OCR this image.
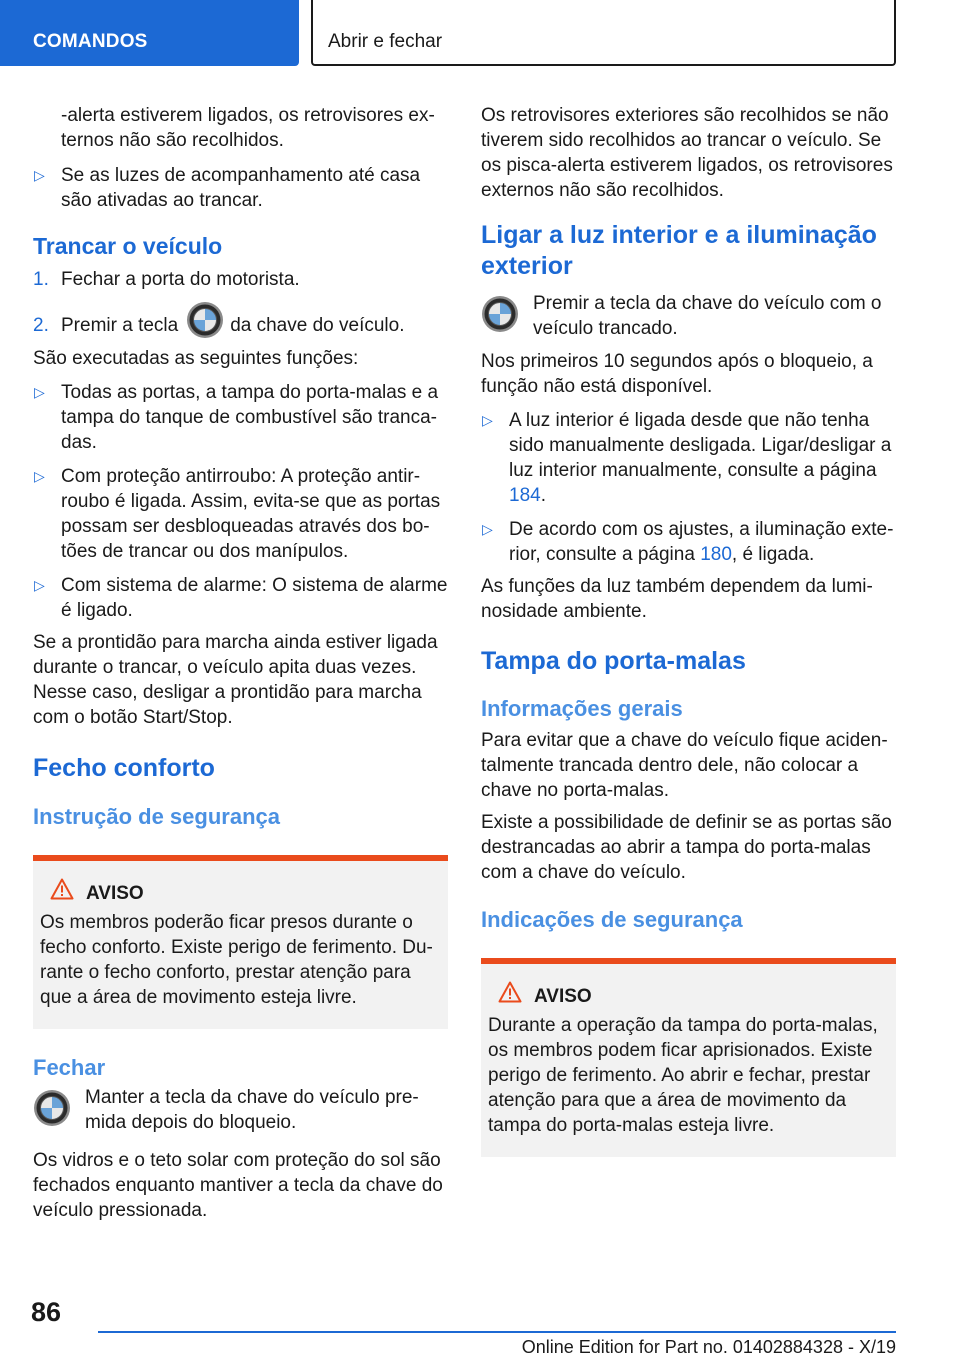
COMANDOS	Abrir e fechar

-alerta estiverem ligados, os retrovisores ex‐ternos não são recolhidos.

▷ Se as luzes de acompanhamento até casa são ativadas ao trancar.
Trancar o veículo
1. Fechar a porta do motorista.
2. Premir a tecla	da chave do veículo.

São executadas as seguintes funções:

▷ Todas as portas, a tampa do porta-malas e a tampa do tanque de combustível são tranca‐das.
▷ Com proteção antirroubo: A proteção antir‐roubo é ligada. Assim, evita-se que as portas possam ser desbloqueadas através dos bo‐tões de trancar ou dos manípulos.
▷ Com sistema de alarme: O sistema de alarme é ligado.

Se a prontidão para marcha ainda estiver ligada durante o trancar, o veículo apita duas vezes. Nesse caso, desligar a prontidão para marcha com o botão Start/Stop.

Fecho conforto
Instrução de segurança
AVISO

Os membros poderão ficar presos durante o fecho conforto. Existe perigo de ferimento. Du‐rante o fecho conforto, prestar atenção para que a área de movimento esteja livre.

Fechar

Manter a tecla da chave do veículo pre‐mida depois do bloqueio.

Os vidros e o teto solar com proteção do sol são fechados enquanto mantiver a tecla da chave do veículo pressionada.

Os retrovisores exteriores são recolhidos se não tiverem sido recolhidos ao trancar o veículo. Se os pisca-alerta estiverem ligados, os retrovisores externos não são recolhidos.

Ligar a luz interior e a iluminação exterior

Premir a tecla da chave do veículo com o veículo trancado.

Nos primeiros 10 segundos após o bloqueio, a função não está disponível.

▷ A luz interior é ligada desde que não tenha sido manualmente desligada. Ligar/desligar a luz interior manualmente, consulte a página 184.
▷ De acordo com os ajustes, a iluminação exte‐rior, consulte a página 180, é ligada.

As funções da luz também dependem da lumi‐nosidade ambiente.

Tampa do porta-malas
Informações gerais

Para evitar que a chave do veículo fique aciden‐talmente trancada dentro dele, não colocar a chave no porta-malas.

Existe a possibilidade de definir se as portas são destrancadas ao abrir a tampa do porta-malas com a chave do veículo.

Indicações de segurança
AVISO

Durante a operação da tampa do porta-malas, os membros podem ficar aprisionados. Existe perigo de ferimento. Ao abrir e fechar, prestar atenção para que a área de movimento da tampa do porta-malas esteja livre.

86
Online Edition for Part no. 01402884328 - X/19
